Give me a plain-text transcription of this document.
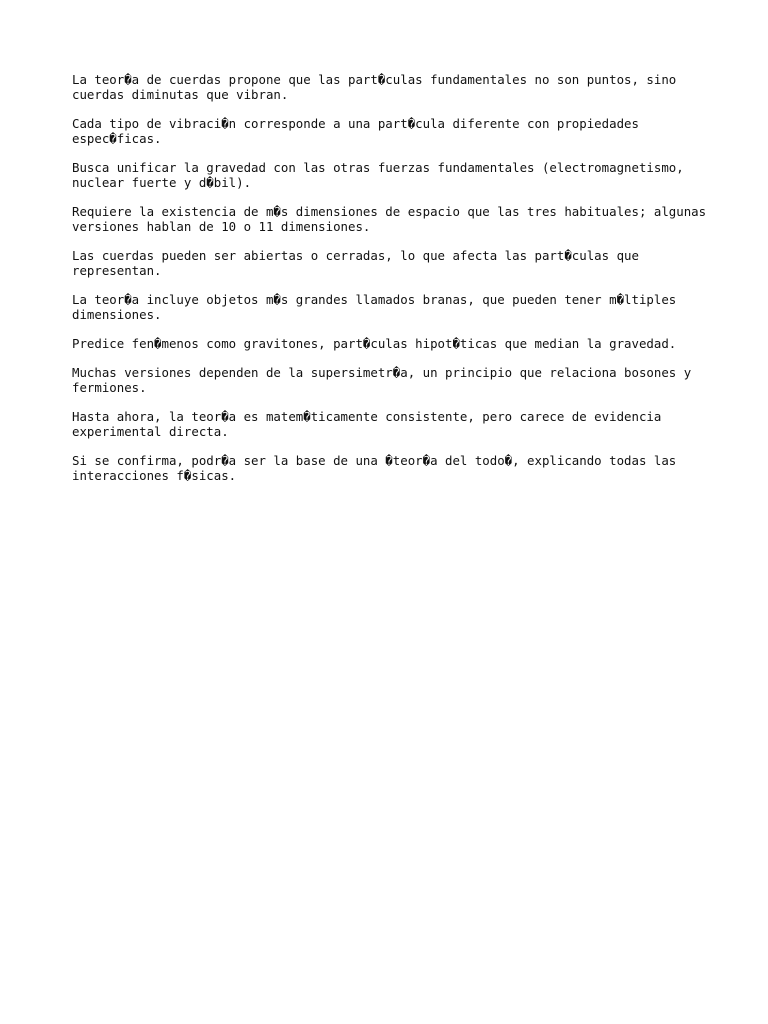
La teor�a de cuerdas propone que las part�culas fundamentales no son puntos, sino cuerdas diminutas que vibran.

Cada tipo de vibraci�n corresponde a una part�cula diferente con propiedades espec�ficas.

Busca unificar la gravedad con las otras fuerzas fundamentales (electromagnetismo, nuclear fuerte y d�bil).

Requiere la existencia de m�s dimensiones de espacio que las tres habituales; algunas versiones hablan de 10 o 11 dimensiones.

Las cuerdas pueden ser abiertas o cerradas, lo que afecta las part�culas que representan.

La teor�a incluye objetos m�s grandes llamados branas, que pueden tener m�ltiples dimensiones.

Predice fen�menos como gravitones, part�culas hipot�ticas que median la gravedad.

Muchas versiones dependen de la supersimetr�a, un principio que relaciona bosones y fermiones.

Hasta ahora, la teor�a es matem�ticamente consistente, pero carece de evidencia experimental directa.

Si se confirma, podr�a ser la base de una �teor�a del todo�, explicando todas las interacciones f�sicas.
